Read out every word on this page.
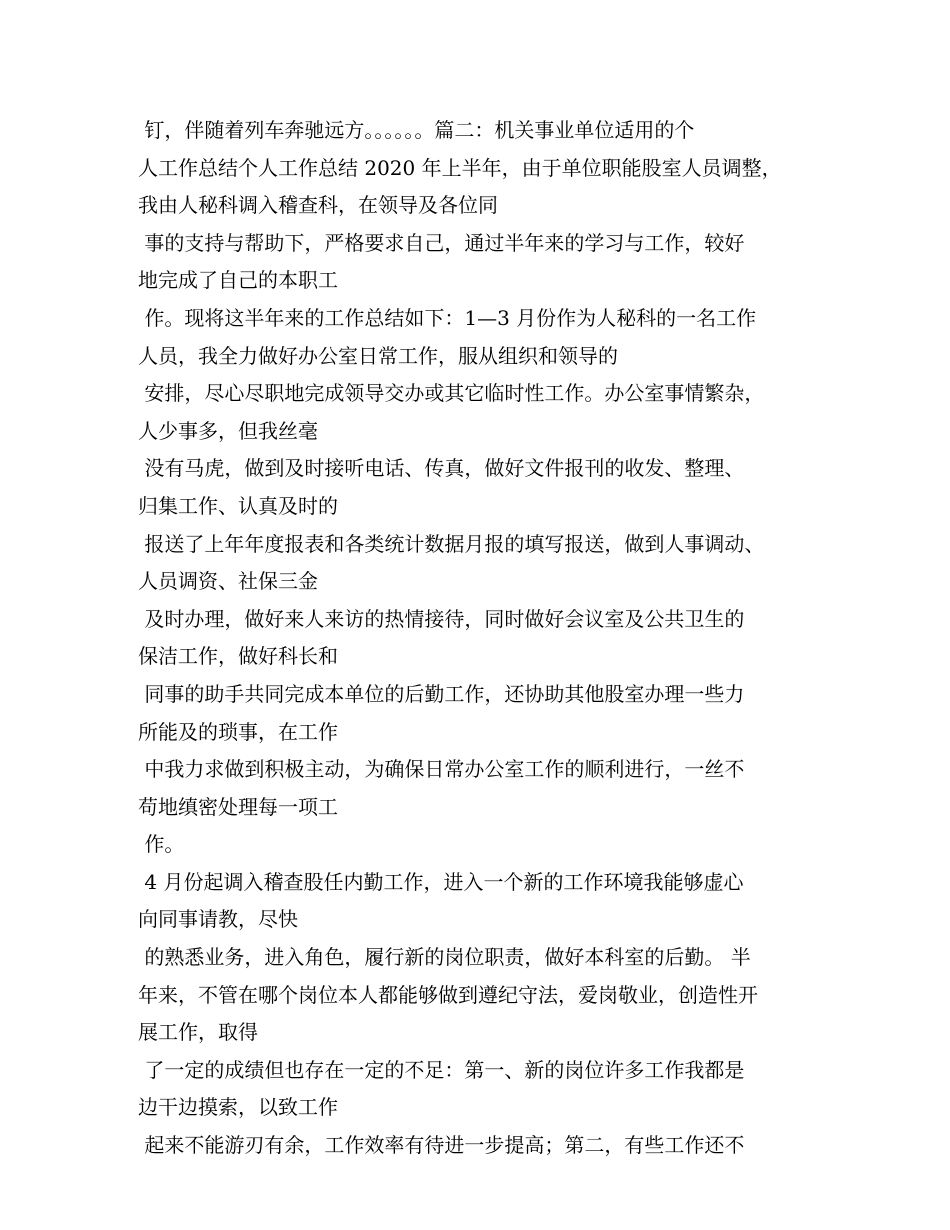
钉，伴随着列车奔驰远方。。。。。。篇二：机关事业单位适用的个
人工作总结个人工作总结 2020 年上半年，由于单位职能股室人员调整，
我由人秘科调入稽查科，在领导及各位同
事的支持与帮助下，严格要求自己，通过半年来的学习与工作，较好
地完成了自己的本职工
作。现将这半年来的工作总结如下：1—3 月份作为人秘科的一名工作
人员，我全力做好办公室日常工作，服从组织和领导的
安排，尽心尽职地完成领导交办或其它临时性工作。办公室事情繁杂，
人少事多，但我丝毫
没有马虎，做到及时接听电话、传真，做好文件报刊的收发、整理、
归集工作、认真及时的
报送了上年年度报表和各类统计数据月报的填写报送，做到人事调动、
人员调资、社保三金
及时办理，做好来人来访的热情接待，同时做好会议室及公共卫生的
保洁工作，做好科长和
同事的助手共同完成本单位的后勤工作，还协助其他股室办理一些力
所能及的琐事，在工作
中我力求做到积极主动，为确保日常办公室工作的顺利进行，一丝不
苟地缜密处理每一项工
作。
4 月份起调入稽查股任内勤工作，进入一个新的工作环境我能够虚心
向同事请教，尽快
的熟悉业务，进入角色，履行新的岗位职责，做好本科室的后勤。 半
年来，不管在哪个岗位本人都能够做到遵纪守法，爱岗敬业，创造性开
展工作，取得
了一定的成绩但也存在一定的不足：第一、新的岗位许多工作我都是
边干边摸索，以致工作
起来不能游刃有余，工作效率有待进一步提高；第二，有些工作还不
